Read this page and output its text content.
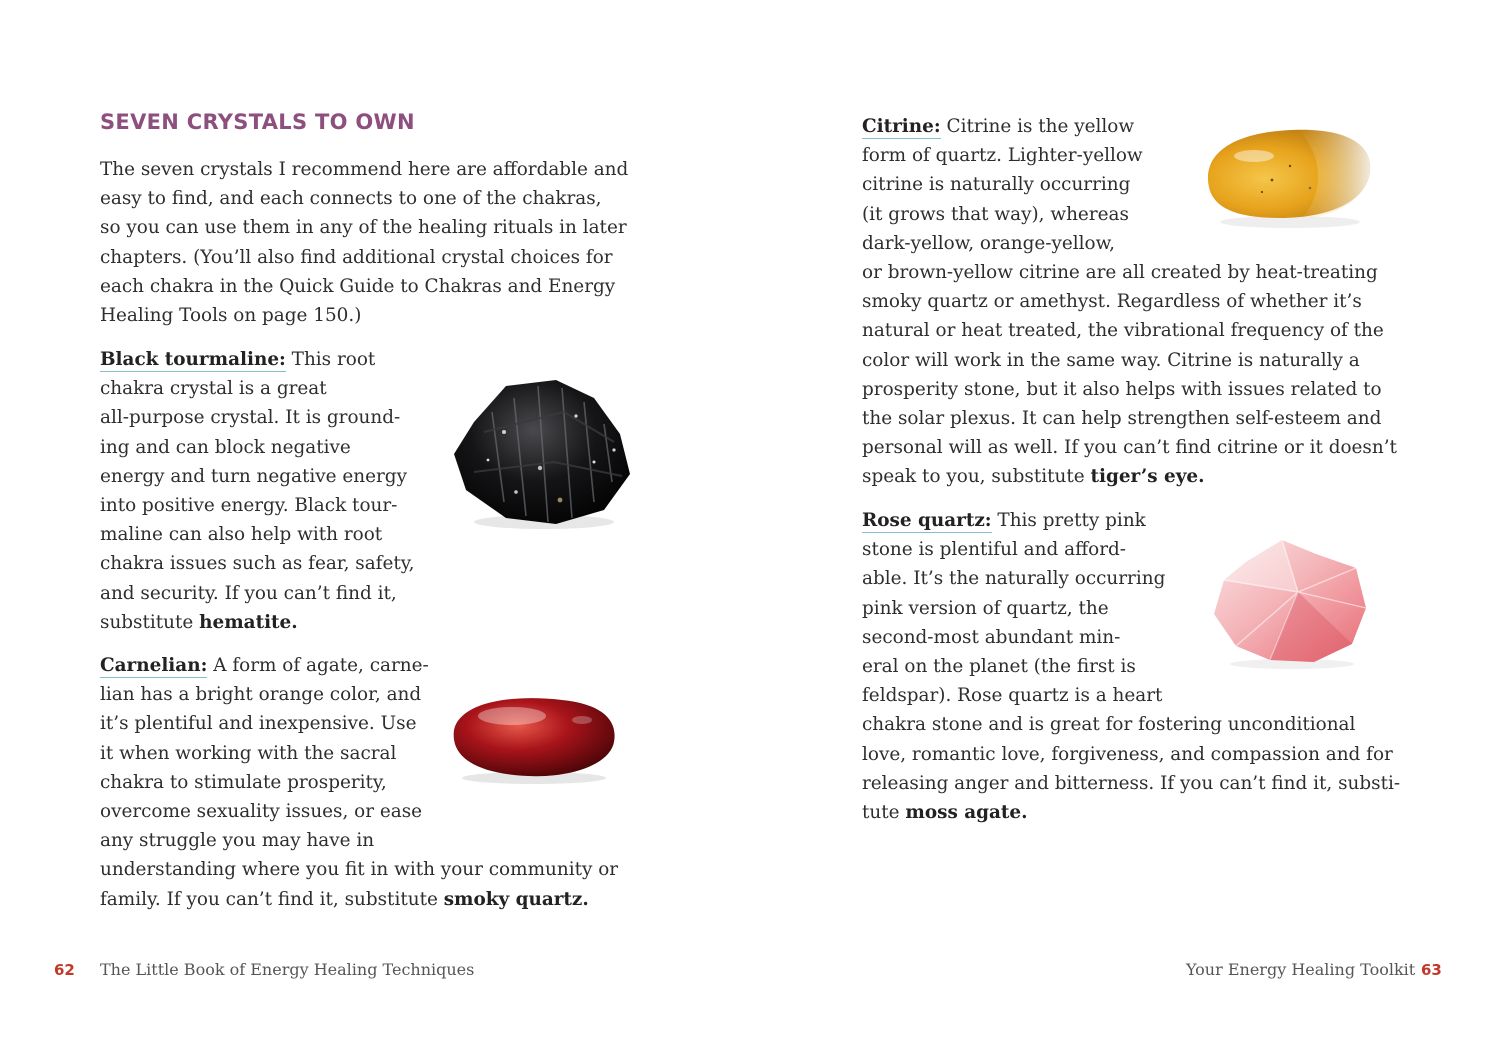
SEVEN CRYSTALS TO OWN

The seven crystals I recommend here are affordable and
easy to find, and each connects to one of the chakras,
so you can use them in any of the healing rituals in later
chapters. (You’ll also find additional crystal choices for
each chakra in the Quick Guide to Chakras and Energy
Healing Tools on page 150.)

Black tourmaline: This root
chakra crystal is a great
all-purpose crystal. It is ground-
ing and can block negative
energy and turn negative energy
into positive energy. Black tour-
maline can also help with root
chakra issues such as fear, safety,
and security. If you can’t find it,
substitute hematite.

Carnelian: A form of agate, carne-
lian has a bright orange color, and
it’s plentiful and inexpensive. Use
it when working with the sacral
chakra to stimulate prosperity,
overcome sexuality issues, or ease
any struggle you may have in
understanding where you fit in with your community or
family. If you can’t find it, substitute smoky quartz.

62 The Little Book of Energy Healing Techniques

Citrine: Citrine is the yellow
form of quartz. Lighter-yellow
citrine is naturally occurring
(it grows that way), whereas
dark-yellow, orange-yellow,
or brown-yellow citrine are all created by heat-treating
smoky quartz or amethyst. Regardless of whether it’s
natural or heat treated, the vibrational frequency of the
color will work in the same way. Citrine is naturally a
prosperity stone, but it also helps with issues related to
the solar plexus. It can help strengthen self-esteem and
personal will as well. If you can’t find citrine or it doesn’t
speak to you, substitute tiger’s eye.

Rose quartz: This pretty pink
stone is plentiful and afford-
able. It’s the naturally occurring
pink version of quartz, the
second-most abundant min-
eral on the planet (the first is
feldspar). Rose quartz is a heart
chakra stone and is great for fostering unconditional
love, romantic love, forgiveness, and compassion and for
releasing anger and bitterness. If you can’t find it, substi-
tute moss agate.

Your Energy Healing Toolkit 63
